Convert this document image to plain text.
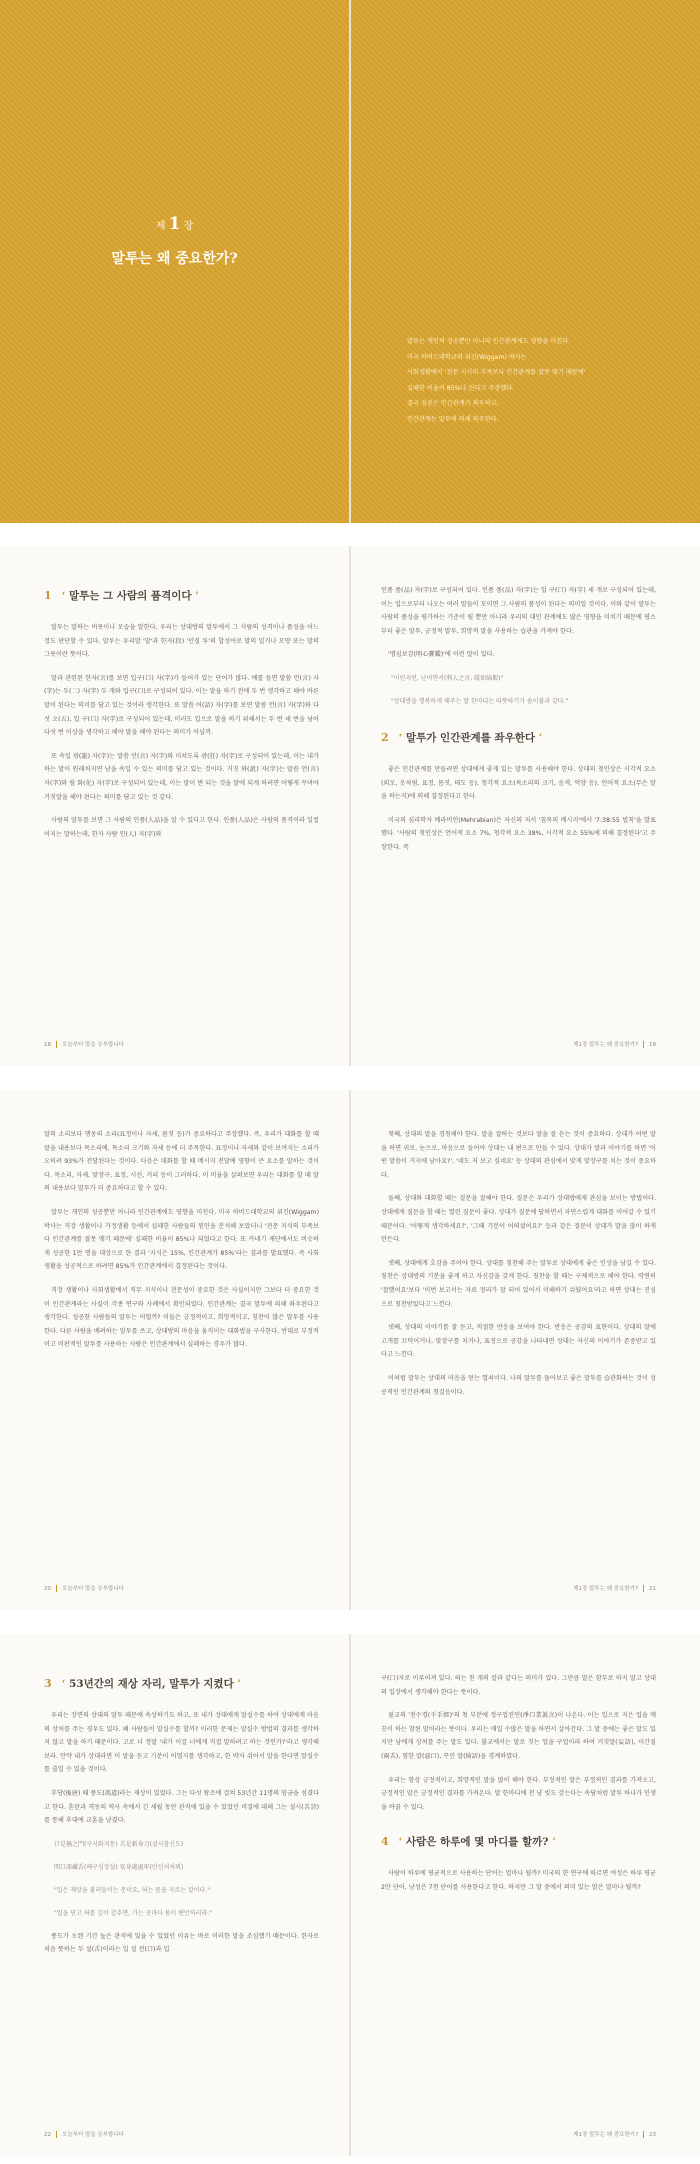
제 1 장
말투는 왜 중요한가?
말투는 개인의 성공뿐만 아니라 인간관계에도 영향을 미친다.
미국 하버드대학교의 위긴(Wiggam) 박사는
사회생활에서 '전문 지식의 부족보다 인간관계를 잘못 맺기 때문에'
실패한 비율이 85%나 된다고 주장했다.
결국 성공은 인간관계가 좌우하고,
인간관계는 말투에 의해 좌우된다.
1 ‘ 말투는 그 사람의 품격이다 ’

말투는 말하는 버릇이나 모습을 말한다. 우리는 상대방의 말투에서 그 사람의 성격이나 품성을 어느 정도 판단할 수 있다. 말투는 우리말 '말'과 한자(投) '던질 투'의 합성어로 말의 일거나 모양 또는 말의 그릇이란 뜻이다.

말과 관련된 한자(言)를 보면 입구(口) 자(字)가 들어가 있는 단어가 많다. 예를 들면 말씀 언(言) 자(字)는 두(二) 자(字) 두 개와 입구(口)로 구성되어 있다. 이는 말을 하기 전에 두 번 생각하고 해야 바른 말이 된다는 의미를 담고 있는 것이라 생각한다. 또 말씀 어(語) 자(字)를 보면 말씀 언(言) 자(字)와 다섯 오(五), 입 구(口) 자(字)로 구성되어 있는데, 이러도 입으로 말을 하기 위해서는 두 번 세 번을 넘어 다섯 번 이상을 생각하고 해야 말을 해야 된다는 의미가 아닐까.

또 속일 광(誑) 자(字)는 말씀 언(言) 자(字)와 미쳐도록 광(狂) 자(字)로 구성되어 있는데, 이는 내가 하는 말이 원래처지면 남을 속일 수 있는 의미를 담고 있는 것이다. 거짓 와(訛) 자(字)는 말씀 언(言) 자(字)와 될 화(化) 자(字)로 구성되어 있는데, 이는 말이 변 되는 것을 말에 되게 하려면 어떻게 꾸며야 거짓말을 해야 된다는 의미를 담고 있는 것 같다.

사람의 말투를 보면 그 사람의 인품(人品)을 알 수 있다고 한다. 인품(人品)은 사람의 품격이라 일컬어지는 말하는데, 한자 사람 인(人) 자(字)와

18 오늘부터 말을 공부합니다

인품 품(品) 자(字)로 구성되어 있다. 인품 품(品) 자(字)는 입 구(口) 자(字) 세 개로 구성되어 있는데, 이는 입으로부터 나오는 여러 말들이 모이면 그 사람의 품성이 된다는 의미일 것이다. 이와 같이 말투는 사람의 품성을 평가하는 기준이 될 뿐만 아니라 우리의 대인 관계에도 많은 영향을 미치기 때문에 평소부터 좋은 말투, 긍정적 말투, 희망적 말을 사용하는 습관을 가져야 한다.

'명심보감(明心寶鑑)'에 이런 말이 있다.

"이인지언, 난여면서(利人之言, 暖如綿絮)"
"상대방을 행복하게 해주는 말 한마디는 따뜻하기가 솜이불과 같다."
2 ‘ 말투가 인간관계를 좌우한다 ’

좋은 인간관계를 만들려면 상대에게 좋게 있는 말투를 사용해야 한다. 상대의 첫인상은 시각적 요소(외모, 옷차림, 표정, 몸짓, 태도 등), 청각적 요소(목소리의 크기, 음색, 억양 등), 언어적 요소(무슨 말을 하는지)에 의해 결정된다고 한다.

미국의 심리학자 메라비언(Mehrabian)은 자신의 저서 '침묵의 메시지'에서 '7:38:55 법칙'을 발표했다. '사람의 첫인상은 언어적 요소 7%, 청각적 요소 38%, 시각적 요소 55%에 의해 결정된다'고 주장한다. 즉

제1장 말투는 왜 중요한가? 19

말의 소리보다 행동의 소리(표정이나 자세, 몸짓 등)가 중요하다고 주장했다. 즉, 우리가 대화를 할 때 말을 내용보다 목소리에, 목소리 크기와 자세 등에 더 주목한다. 표정이나 자세와 같이 보여지는 소리가 오히려 93%가 전달된다는 것이다. 다음은 대화를 할 때 메시지 전달에 영향이 큰 요소를 말하는 것이다. 목소리, 자세, 맞장구, 표정, 시선, 거리 등이 그러하다. 이 비율을 살펴보면 우리는 대화를 할 때 말의 내용보다 말투가 더 중요하다고 할 수 있다.

말투는 개인의 성공뿐만 아니라 인간관계에도 영향을 미친다. 미국 하버드대학교의 위긴(Wiggam) 박사는 직장 생활이나 가정생활 등에서 실패한 사람들의 원인을 분석해 보았더니 '전문 지식의 부족보다 인간관계를 잘못 맺기 때문에' 실패한 비율이 85%나 되었다고 한다. 또 카네기 재단에서도 비슷하게 성공한 1만 명을 대상으로 한 결과 '지식은 15%, 인간관계가 85%'라는 결과를 발표했다. 즉 사회 생활을 성공적으로 하려면 85%가 인간관계에서 결정된다는 것이다.

직장 생활이나 사회생활에서 직무 지식이나 전문성이 중요한 것은 사실이지만 그보다 더 중요한 것이 인간관계라는 사실이 각종 연구와 사례에서 확인되었다. 인간관계는 결국 말투에 의해 좌우된다고 생각한다. 성공한 사람들의 말투는 어떨까? 이들은 긍정적이고, 희망적이고, 칭찬이 많은 말투를 사용한다. 다른 사람을 배려하는 말투를 쓰고, 상대방의 마음을 움직이는 대화법을 구사한다. 반대로 부정적이고 비판적인 말투를 사용하는 사람은 인간관계에서 실패하는 경우가 많다.

20 오늘부터 말을 공부합니다

첫째, 상대의 말을 경청해야 한다. 말을 잘하는 것보다 말을 잘 듣는 것이 중요하다. 상대가 어떤 말을 하면 귀로, 눈으로, 마음으로 들어야 상대는 내 편으로 만들 수 있다. 상대가 말과 이야기를 하면 '어떤 말씀이 거지에 남아요?', '네도 저 보고 싶네요' 등 상대의 관심에서 맞게 맞장구를 치는 것이 중요하다.

둘째, 상대와 대화할 때는 질문을 잘해야 한다. 질문은 우리가 상대방에게 관심을 보이는 방법이다. 상대에게 질문을 할 때는 열린 질문이 좋다. 상대가 질문에 답하면서 자연스럽게 대화를 이어갈 수 있기 때문이다. '어떻게 생각하세요?', '그때 기분이 어떠셨어요?' 등과 같은 질문이 상대가 말을 많이 하게 만든다.

셋째, 상대에게 호감을 주어야 한다. 상대를 칭찬해 주는 말투로 상대에게 좋은 인상을 남길 수 있다. 칭찬은 상대방의 기분을 좋게 하고 자신감을 갖게 한다. 칭찬을 할 때는 구체적으로 해야 한다. 막연히 '잘했어요'보다 '이번 보고서는 자료 정리가 잘 되어 있어서 이해하기 쉬웠어요'라고 하면 상대는 진심으로 칭찬받았다고 느낀다.

넷째, 상대의 이야기를 잘 듣고, 적절한 반응을 보여야 한다. 반응은 공감의 표현이다. 상대의 말에 고개를 끄덕이거나, 맞장구를 치거나, 표정으로 공감을 나타내면 상대는 자신의 이야기가 존중받고 있다고 느낀다.

이처럼 말투는 상대의 마음을 얻는 열쇠이다. 나의 말투를 돌아보고 좋은 말투를 습관화하는 것이 성공적인 인간관계의 첫걸음이다.

제1장 말투는 왜 중요한가? 21
3 ‘ 53년간의 재상 자리, 말투가 지켰다 ’

우리는 장면의 상대의 말투 때문에 속상하기도 하고, 또 내가 상대에게 말실수를 하여 상대에게 마음의 상처를 주는 경우도 있다. 왜 사람들이 말실수를 할까? 이러한 문제는 말실수 방법의 결과를 생각하지 않고 말을 하기 때문이다. 고로 너 정말 '내가 이걸 너에게 직접 말하려고 하는 것인가?'라고 생각해 보라. 만약 내가 상대라면 이 말을 듣고 기분이 어떨지를 생각하고, 한 박자 쉬어서 말을 한다면 말실수를 줄일 수 있을 것이다.

후당(後唐) 때 풍도(馮道)라는 재상이 있었다. 그는 다섯 왕조에 걸쳐 53년간 11명의 임금을 섬겼다고 한다. 혼란과 격동의 역사 속에서 긴 세월 동안 관직에 있을 수 있었던 비결에 대해 그는 설시(舌詩)를 통해 후대에 교훈을 남겼다.

口是禍之門(구시화지문) 舌是斬身刀(설시참신도)
閉口深藏舌(폐구심장설) 安身處處牢(안신처처뢰)
"입은 재앙을 불러들이는 문이요, 혀는 몸을 자르는 칼이다."
"입을 닫고 혀를 깊이 감추면, 가는 곳마다 몸이 편안하리라."

풍도가 오랜 기간 높은 관직에 있을 수 있었던 이유는 바로 이러한 말을 조심했기 때문이다. 한자로 처음 뜻하는 두 설(舌)이라는 입 설 전(口)과 입

22 오늘부터 말을 공부합니다

구(口)자로 이루어져 있다. 혀는 천 개의 칼과 같다는 의미가 있다. 그만큼 말은 함부로 하지 말고 상대의 입장에서 생각해야 한다는 뜻이다.

불교의 '천수경(千手經)'의 첫 부분에 정구업진언(淨口業眞言)이 나온다. 이는 입으로 지은 업을 깨끗이 하는 참된 말이라는 뜻이다. 우리는 매일 수많은 말을 하면서 살아간다. 그 말 중에는 좋은 말도 있지만 남에게 상처를 주는 말도 있다. 불교에서는 말로 짓는 업을 구업이라 하여 거짓말(妄語), 이간질(兩舌), 험한 말(惡口), 꾸민 말(綺語)을 경계하였다.

우리는 항상 긍정적이고, 희망적인 말을 많이 해야 한다. 부정적인 말은 부정적인 결과를 가져오고, 긍정적인 말은 긍정적인 결과를 가져온다. 말 한마디에 천 냥 빚도 갚는다는 속담처럼 말투 하나가 인생을 바꿀 수 있다.

4 ‘ 사람은 하루에 몇 마디를 할까? ’

사람이 하루에 평균적으로 사용하는 단어는 얼마나 될까? 미국의 한 연구에 따르면 여성은 하루 평균 2만 단어, 남성은 7천 단어를 사용한다고 한다. 하지만 그 말 중에서 의미 있는 말은 얼마나 될까?

제1장 말투는 왜 중요한가? 23
